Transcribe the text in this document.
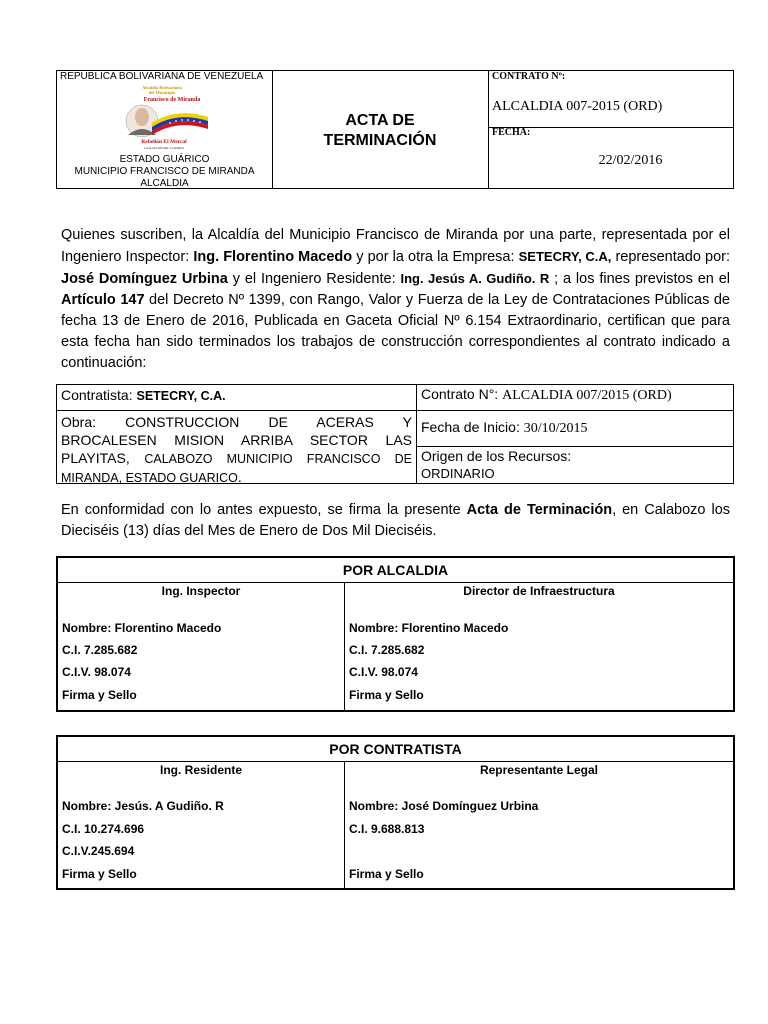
REPUBLICA BOLIVARIANA DE VENEZUELA
Alcaldía Bolivariana
del Municipio
Francisco de Miranda
Rebelión El Mercal
LA ALCALDÍA DEL LLANERO
ESTADO GUÁRICO
MUNICIPIO FRANCISCO DE MIRANDA
ALCALDIA
ACTA DE
TERMINACIÓN
CONTRATO Nº:
ALCALDIA 007-2015 (ORD)
FECHA:
22/02/2016
Quienes suscriben, la Alcaldía del Municipio Francisco de Miranda por una parte, representada por el Ingeniero Inspector: Ing. Florentino Macedo y por la otra la Empresa: SETECRY, C.A, representado por: José Domínguez Urbina y el Ingeniero Residente: Ing. Jesús A. Gudiño. R ; a los fines previstos en el Artículo 147 del Decreto Nº 1399, con Rango, Valor y Fuerza de la Ley de Contrataciones Públicas de fecha 13 de Enero de 2016, Publicada en Gaceta Oficial Nº 6.154 Extraordinario, certifican que para esta fecha han sido terminados los trabajos de construcción correspondientes al contrato indicado a continuación:
Contratista: SETECRY, C.A.	Contrato N°: ALCALDIA 007/2015 (ORD)
Obra: CONSTRUCCION DE ACERAS Y
BROCALESEN MISION ARRIBA SECTOR LAS
PLAYITAS, CALABOZO MUNICIPIO FRANCISCO DE
MIRANDA, ESTADO GUARICO.
Fecha de Inicio: 30/10/2015
Origen de los Recursos:
ORDINARIO
En conformidad con lo antes expuesto, se firma la presente Acta de Terminación, en Calabozo los Dieciséis (13) días del Mes de Enero de Dos Mil Dieciséis.
POR ALCALDIA
Ing. Inspector
Nombre: Florentino Macedo
C.I. 7.285.682
C.I.V. 98.074
Firma y Sello
Director de Infraestructura
Nombre: Florentino Macedo
C.I. 7.285.682
C.I.V. 98.074
Firma y Sello
POR CONTRATISTA
Ing. Residente
Nombre: Jesús. A Gudiño. R
C.I. 10.274.696
C.I.V.245.694
Firma y Sello
Representante Legal
Nombre: José Domínguez Urbina
C.I. 9.688.813
Firma y Sello
